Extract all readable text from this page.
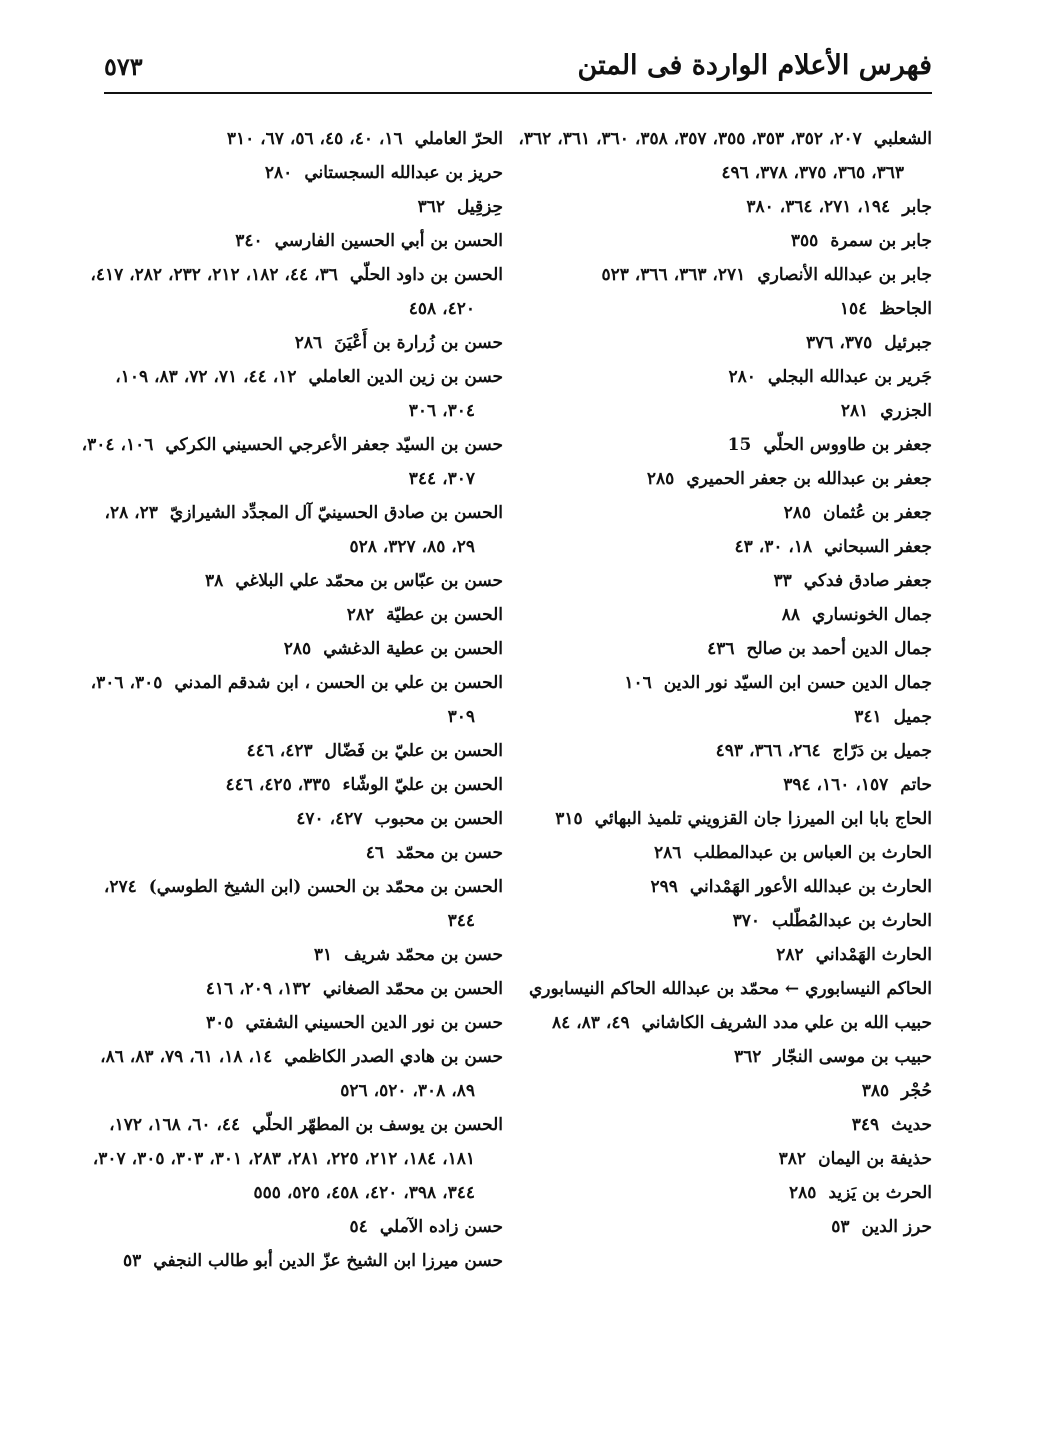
فهرس الأعلام الواردة فى المتن
٥٧٣
الشعلبي٢٠٧، ٣٥٢، ٣٥٣، ٣٥٥، ٣٥٧، ٣٥٨، ٣٦٠، ٣٦١، ٣٦٢، ٣٦٣، ٣٦٥، ٣٧٥، ٣٧٨، ٤٩٦
جابر١٩٤، ٢٧١، ٣٦٤، ٣٨٠
جابر بن سمرة٣٥٥
جابر بن عبدالله الأنصاري٢٧١، ٣٦٣، ٣٦٦، ٥٢٣
الجاحظ١٥٤
جبرئيل٣٧٥، ٣٧٦
جَرير بن عبدالله البجلي٢٨٠
الجزري٢٨١
جعفر بن طاووس الحلّي15
جعفر بن عبدالله بن جعفر الحميري٢٨٥
جعفر بن عُثمان٢٨٥
جعفر السبحاني١٨، ٣٠، ٤٣
جعفر صادق فدكي٣٣
جمال الخونساري٨٨
جمال الدين أحمد بن صالح٤٣٦
جمال الدين حسن ابن السيّد نور الدين١٠٦
جميل٣٤١
جميل بن دَرّاج٢٦٤، ٣٦٦، ٤٩٣
حاتم١٥٧، ١٦٠، ٣٩٤
الحاج بابا ابن الميرزا جان القزويني تلميذ البهائي٣١٥
الحارث بن العباس بن عبدالمطلب٢٨٦
الحارث بن عبدالله الأعور الهَمْداني٢٩٩
الحارث بن عبدالمُطّلب٣٧٠
الحارث الهَمْداني٢٨٢
الحاكم النيسابوري ← محمّد بن عبدالله الحاكم النيسابوري
حبيب الله بن علي مدد الشريف الكاشاني٤٩، ٨٣، ٨٤
حبيب بن موسى النجّار٣٦٢
حُجْر٣٨٥
حديث٣٤٩
حذيفة بن اليمان٣٨٢
الحرث بن يَزيد٢٨٥
حرز الدين٥٣
الحرّ العاملي١٦، ٤٠، ٤٥، ٥٦، ٦٧، ٣١٠
حريز بن عبدالله السجستاني٢٨٠
حِزقِيل٣٦٢
الحسن بن أبي الحسين الفارسي٣٤٠
الحسن بن داود الحلّي٣٦، ٤٤، ١٨٢، ٢١٢، ٢٣٢، ٢٨٢، ٤١٧، ٤٢٠، ٤٥٨
حسن بن زُرارة بن أَعْيَنَ٢٨٦
حسن بن زين الدين العاملي١٢، ٤٤، ٧١، ٧٢، ٨٣، ١٠٩، ٣٠٤، ٣٠٦
حسن بن السيّد جعفر الأعرجي الحسيني الكركي١٠٦، ٣٠٤، ٣٠٧، ٣٤٤
الحسن بن صادق الحسينيّ آل المجدِّد الشيرازيّ٢٣، ٢٨، ٢٩، ٨٥، ٣٢٧، ٥٢٨
حسن بن عبّاس بن محمّد علي البلاغي٣٨
الحسن بن عطيّة٢٨٢
الحسن بن عطية الدغشي٢٨٥
الحسن بن علي بن الحسن ، ابن شدقم المدني٣٠٥، ٣٠٦، ٣٠٩
الحسن بن عليّ بن فَضّال٤٢٣، ٤٤٦
الحسن بن عليّ الوشّاء٣٣٥، ٤٢٥، ٤٤٦
الحسن بن محبوب٤٢٧، ٤٧٠
حسن بن محمّد٤٦
الحسن بن محمّد بن الحسن (ابن الشيخ الطوسي)٢٧٤، ٣٤٤
حسن بن محمّد شريف٣١
الحسن بن محمّد الصغاني١٣٢، ٢٠٩، ٤١٦
حسن بن نور الدين الحسيني الشفتي٣٠٥
حسن بن هادي الصدر الكاظمي١٤، ١٨، ٦١، ٧٩، ٨٣، ٨٦، ٨٩، ٣٠٨، ٥٢٠، ٥٢٦
الحسن بن يوسف بن المطهّر الحلّي٤٤، ٦٠، ١٦٨، ١٧٢، ١٨١، ١٨٤، ٢١٢، ٢٢٥، ٢٨١، ٢٨٣، ٣٠١، ٣٠٣، ٣٠٥، ٣٠٧، ٣٤٤، ٣٩٨، ٤٢٠، ٤٥٨، ٥٢٥، ٥٥٥
حسن زاده الآملي٥٤
حسن ميرزا ابن الشيخ عزّ الدين أبو طالب النجفي٥٣
